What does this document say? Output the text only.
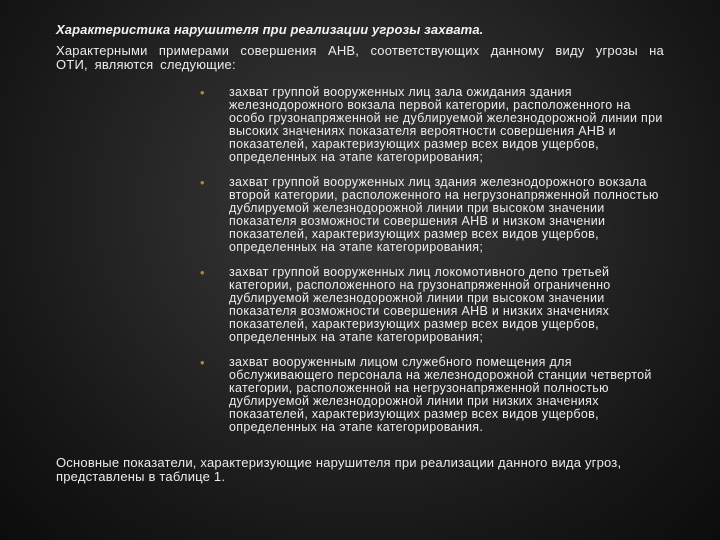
Характеристика нарушителя при реализации угрозы захвата.
Характерными примерами совершения АНВ, соответствующих данному виду угрозы на ОТИ, являются следующие:
• захват группой вооруженных лиц зала ожидания здания железнодорожного вокзала первой категории, расположенного на особо грузонапряженной не дублируемой железнодорожной линии при высоких значениях показателя вероятности совершения АНВ и показателей, характеризующих размер всех видов ущербов, определенных на этапе категорирования;
• захват группой вооруженных лиц здания железнодорожного вокзала второй категории, расположенного на негрузонапряженной полностью дублируемой железнодорожной линии при высоком значении показателя возможности совершения АНВ и низком значении показателей, характеризующих размер всех видов ущербов, определенных на этапе категорирования;
• захват группой вооруженных лиц локомотивного депо третьей категории, расположенного на грузонапряженной ограниченно дублируемой железнодорожной линии при высоком значении показателя возможности совершения АНВ и низких значениях показателей, характеризующих размер всех видов ущербов, определенных на этапе категорирования;
• захват вооруженным лицом служебного помещения для обслуживающего персонала на железнодорожной станции четвертой категории, расположенной на негрузонапряженной полностью дублируемой железнодорожной линии при низких значениях показателей, характеризующих размер всех видов ущербов, определенных на этапе категорирования.
Основные показатели, характеризующие нарушителя при реализации данного вида угроз, представлены в таблице 1.
